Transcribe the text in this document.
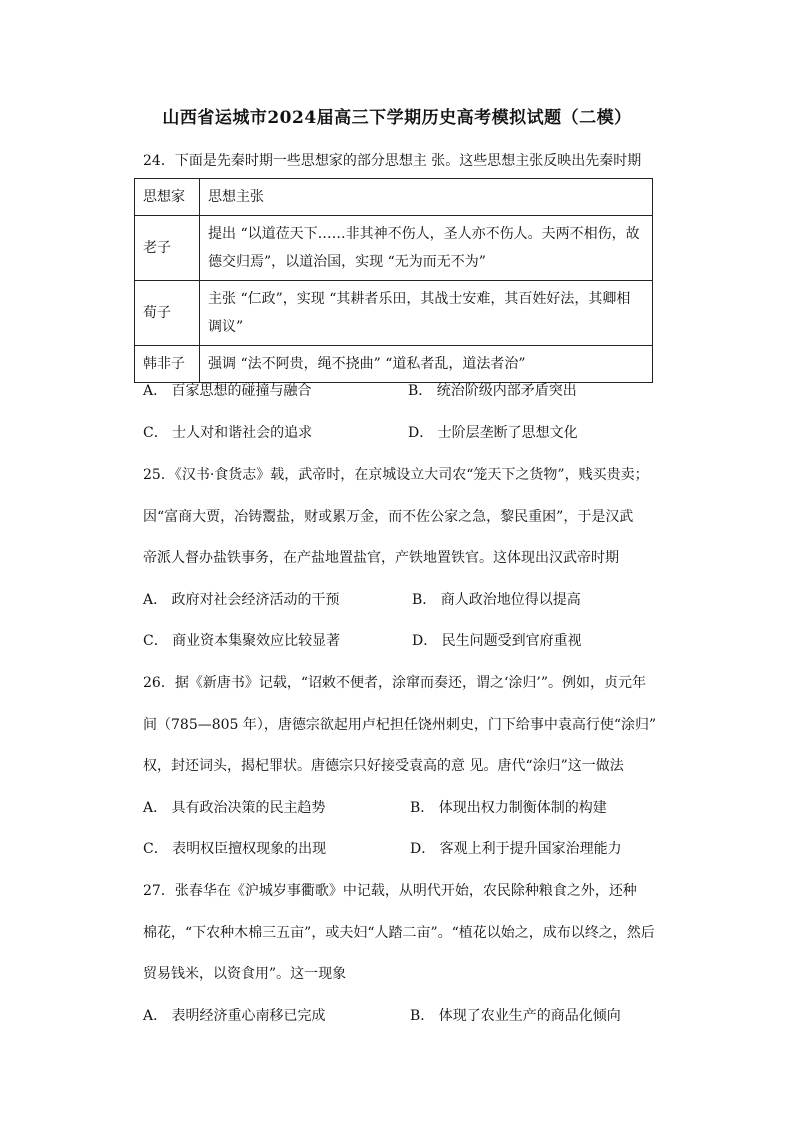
山西省运城市2024届高三下学期历史高考模拟试题（二模）
24．下面是先秦时期一些思想家的部分思想主 张。这些思想主张反映出先秦时期
思想家	思想主张
老子	提出 “以道莅天下……非其神不伤人，圣人亦不伤人。夫两不相伤，故德交归焉”，以道治国，实现 “无为而无不为”
荀子	主张 “仁政”，实现 “其耕者乐田，其战士安难，其百姓好法，其卿相调议”
韩非子	强调 “法不阿贵，绳不挠曲” “道私者乱，道法者治”
A． 百家思想的碰撞与融合	B． 统治阶级内部矛盾突出
C． 士人对和谐社会的追求	D． 士阶层垄断了思想文化
25．《汉书·食货志》载，武帝时，在京城设立大司农“笼天下之货物”，贱买贵卖；
因“富商大贾，冶铸鬻盐，财或累万金，而不佐公家之急，黎民重困”，于是汉武
帝派人督办盐铁事务，在产盐地置盐官，产铁地置铁官。这体现出汉武帝时期
A． 政府对社会经济活动的干预	B． 商人政治地位得以提高
C． 商业资本集聚效应比较显著	D． 民生问题受到官府重视
26．据《新唐书》记载，“诏敕不便者，涂窜而奏还，谓之‘涂归’”。例如，贞元年
间（785—805 年），唐德宗欲起用卢杞担任饶州刺史，门下给事中袁高行使“涂归”
权，封还词头，揭杞罪状。唐德宗只好接受袁高的意 见。唐代“涂归”这一做法
A． 具有政治决策的民主趋势	B． 体现出权力制衡体制的构建
C． 表明权臣擅权现象的出现	D． 客观上利于提升国家治理能力
27．张春华在《沪城岁事衢歌》中记载，从明代开始，农民除种粮食之外，还种
棉花，“下农种木棉三五亩”，或夫妇“人踏二亩”。“植花以始之，成布以终之，然后
贸易钱米，以资食用”。这一现象
A． 表明经济重心南移已完成	B． 体现了农业生产的商品化倾向
